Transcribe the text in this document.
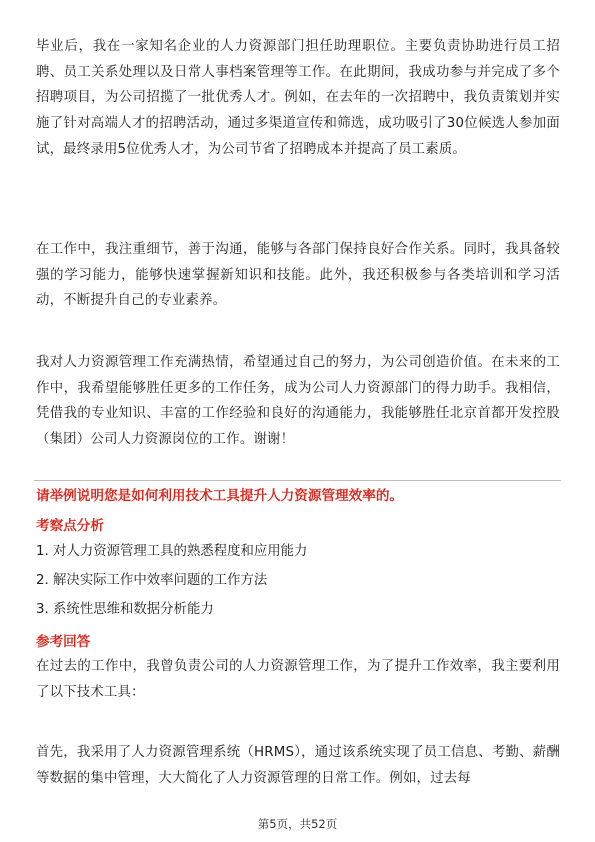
毕业后，我在一家知名企业的人力资源部门担任助理职位。主要负责协助进行员工招聘、员工关系处理以及日常人事档案管理等工作。在此期间，我成功参与并完成了多个招聘项目，为公司招揽了一批优秀人才。例如，在去年的一次招聘中，我负责策划并实施了针对高端人才的招聘活动，通过多渠道宣传和筛选，成功吸引了30位候选人参加面试，最终录用5位优秀人才，为公司节省了招聘成本并提高了员工素质。

在工作中，我注重细节，善于沟通，能够与各部门保持良好合作关系。同时，我具备较强的学习能力，能够快速掌握新知识和技能。此外，我还积极参与各类培训和学习活动，不断提升自己的专业素养。

我对人力资源管理工作充满热情，希望通过自己的努力，为公司创造价值。在未来的工作中，我希望能够胜任更多的工作任务，成为公司人力资源部门的得力助手。我相信，凭借我的专业知识、丰富的工作经验和良好的沟通能力，我能够胜任北京首都开发控股（集团）公司人力资源岗位的工作。谢谢！

请举例说明您是如何利用技术工具提升人力资源管理效率的。

考察点分析

1. 对人力资源管理工具的熟悉程度和应用能力

2. 解决实际工作中效率问题的工作方法

3. 系统性思维和数据分析能力

参考回答

在过去的工作中，我曾负责公司的人力资源管理工作，为了提升工作效率，我主要利用了以下技术工具：

首先，我采用了人力资源管理系统（HRMS），通过该系统实现了员工信息、考勤、薪酬等数据的集中管理，大大简化了人力资源管理的日常工作。例如，过去每

第5页，共52页
